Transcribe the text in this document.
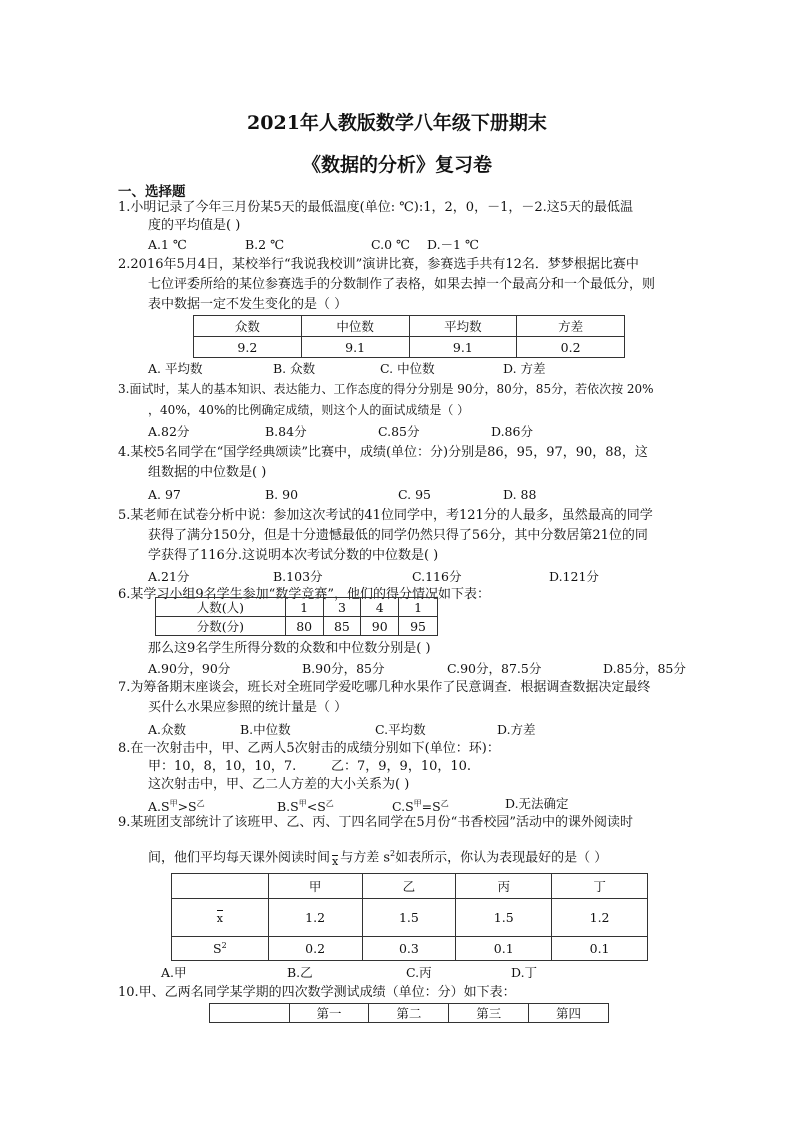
2021年人教版数学八年级下册期末
《数据的分析》复习卷
一、选择题
1.小明记录了今年三月份某5天的最低温度(单位: ℃):1，2，0，－1，－2.这5天的最低温
度的平均值是( )
A.1 ℃	B.2 ℃	C.0 ℃ D.－1 ℃
2.2016年5月4日，某校举行“我说我校训”演讲比赛，参赛选手共有12名．梦梦根据比赛中
七位评委所给的某位参赛选手的分数制作了表格，如果去掉一个最高分和一个最低分，则
表中数据一定不发生变化的是（ ）
众数	中位数	平均数	方差
9.2	9.1	9.1	0.2
A. 平均数	B. 众数	C. 中位数	D. 方差
3.面试时，某人的基本知识、表达能力、工作态度的得分分别是 90分，80分，85分，若依次按 20%
，40%，40%的比例确定成绩，则这个人的面试成绩是（ ）
A.82分	B.84分	C.85分	D.86分
4.某校5名同学在“国学经典颂读”比赛中，成绩(单位：分)分别是86，95，97，90，88，这
组数据的中位数是( )
A. 97	B. 90	C. 95	D. 88
5.某老师在试卷分析中说：参加这次考试的41位同学中，考121分的人最多，虽然最高的同学
获得了满分150分，但是十分遗憾最低的同学仍然只得了56分，其中分数居第21位的同
学获得了116分.这说明本次考试分数的中位数是( )
A.21分	B.103分	C.116分	D.121分
6.某学习小组9名学生参加“数学竞赛”，他们的得分情况如下表：
人数(人)	1	3	4	1
分数(分)	80	85	90	95
那么这9名学生所得分数的众数和中位数分别是( )
A.90分，90分	B.90分，85分	C.90分，87.5分	D.85分，85分
7.为筹备期末座谈会，班长对全班同学爱吃哪几种水果作了民意调查．根据调查数据决定最终
买什么水果应参照的统计量是（ ）
A.众数	B.中位数	C.平均数	D.方差
8.在一次射击中，甲、乙两人5次射击的成绩分别如下(单位：环)：
甲：10，8，10，10，7.	乙：7，9，9，10，10.
这次射击中，甲、乙二人方差的大小关系为( )
$A.S^甲>S^乙$	$B.S^甲<S^乙$	$C.S^甲=S^乙$	D.无法确定
9.某班团支部统计了该班甲、乙、丙、丁四名同学在5月份“书香校园”活动中的课外阅读时
间，他们平均每天课外阅读时间 x 与方差 $s^2$如表所示，你认为表现最好的是（ ）
	甲	乙	丙	丁
x	1.2	1.5	1.5	1.2
$S^2$	0.2	0.3	0.1	0.1
A.甲	B.乙	C.丙	D.丁
10.甲、乙两名同学某学期的四次数学测试成绩（单位：分）如下表：
	第一	第二	第三	第四
